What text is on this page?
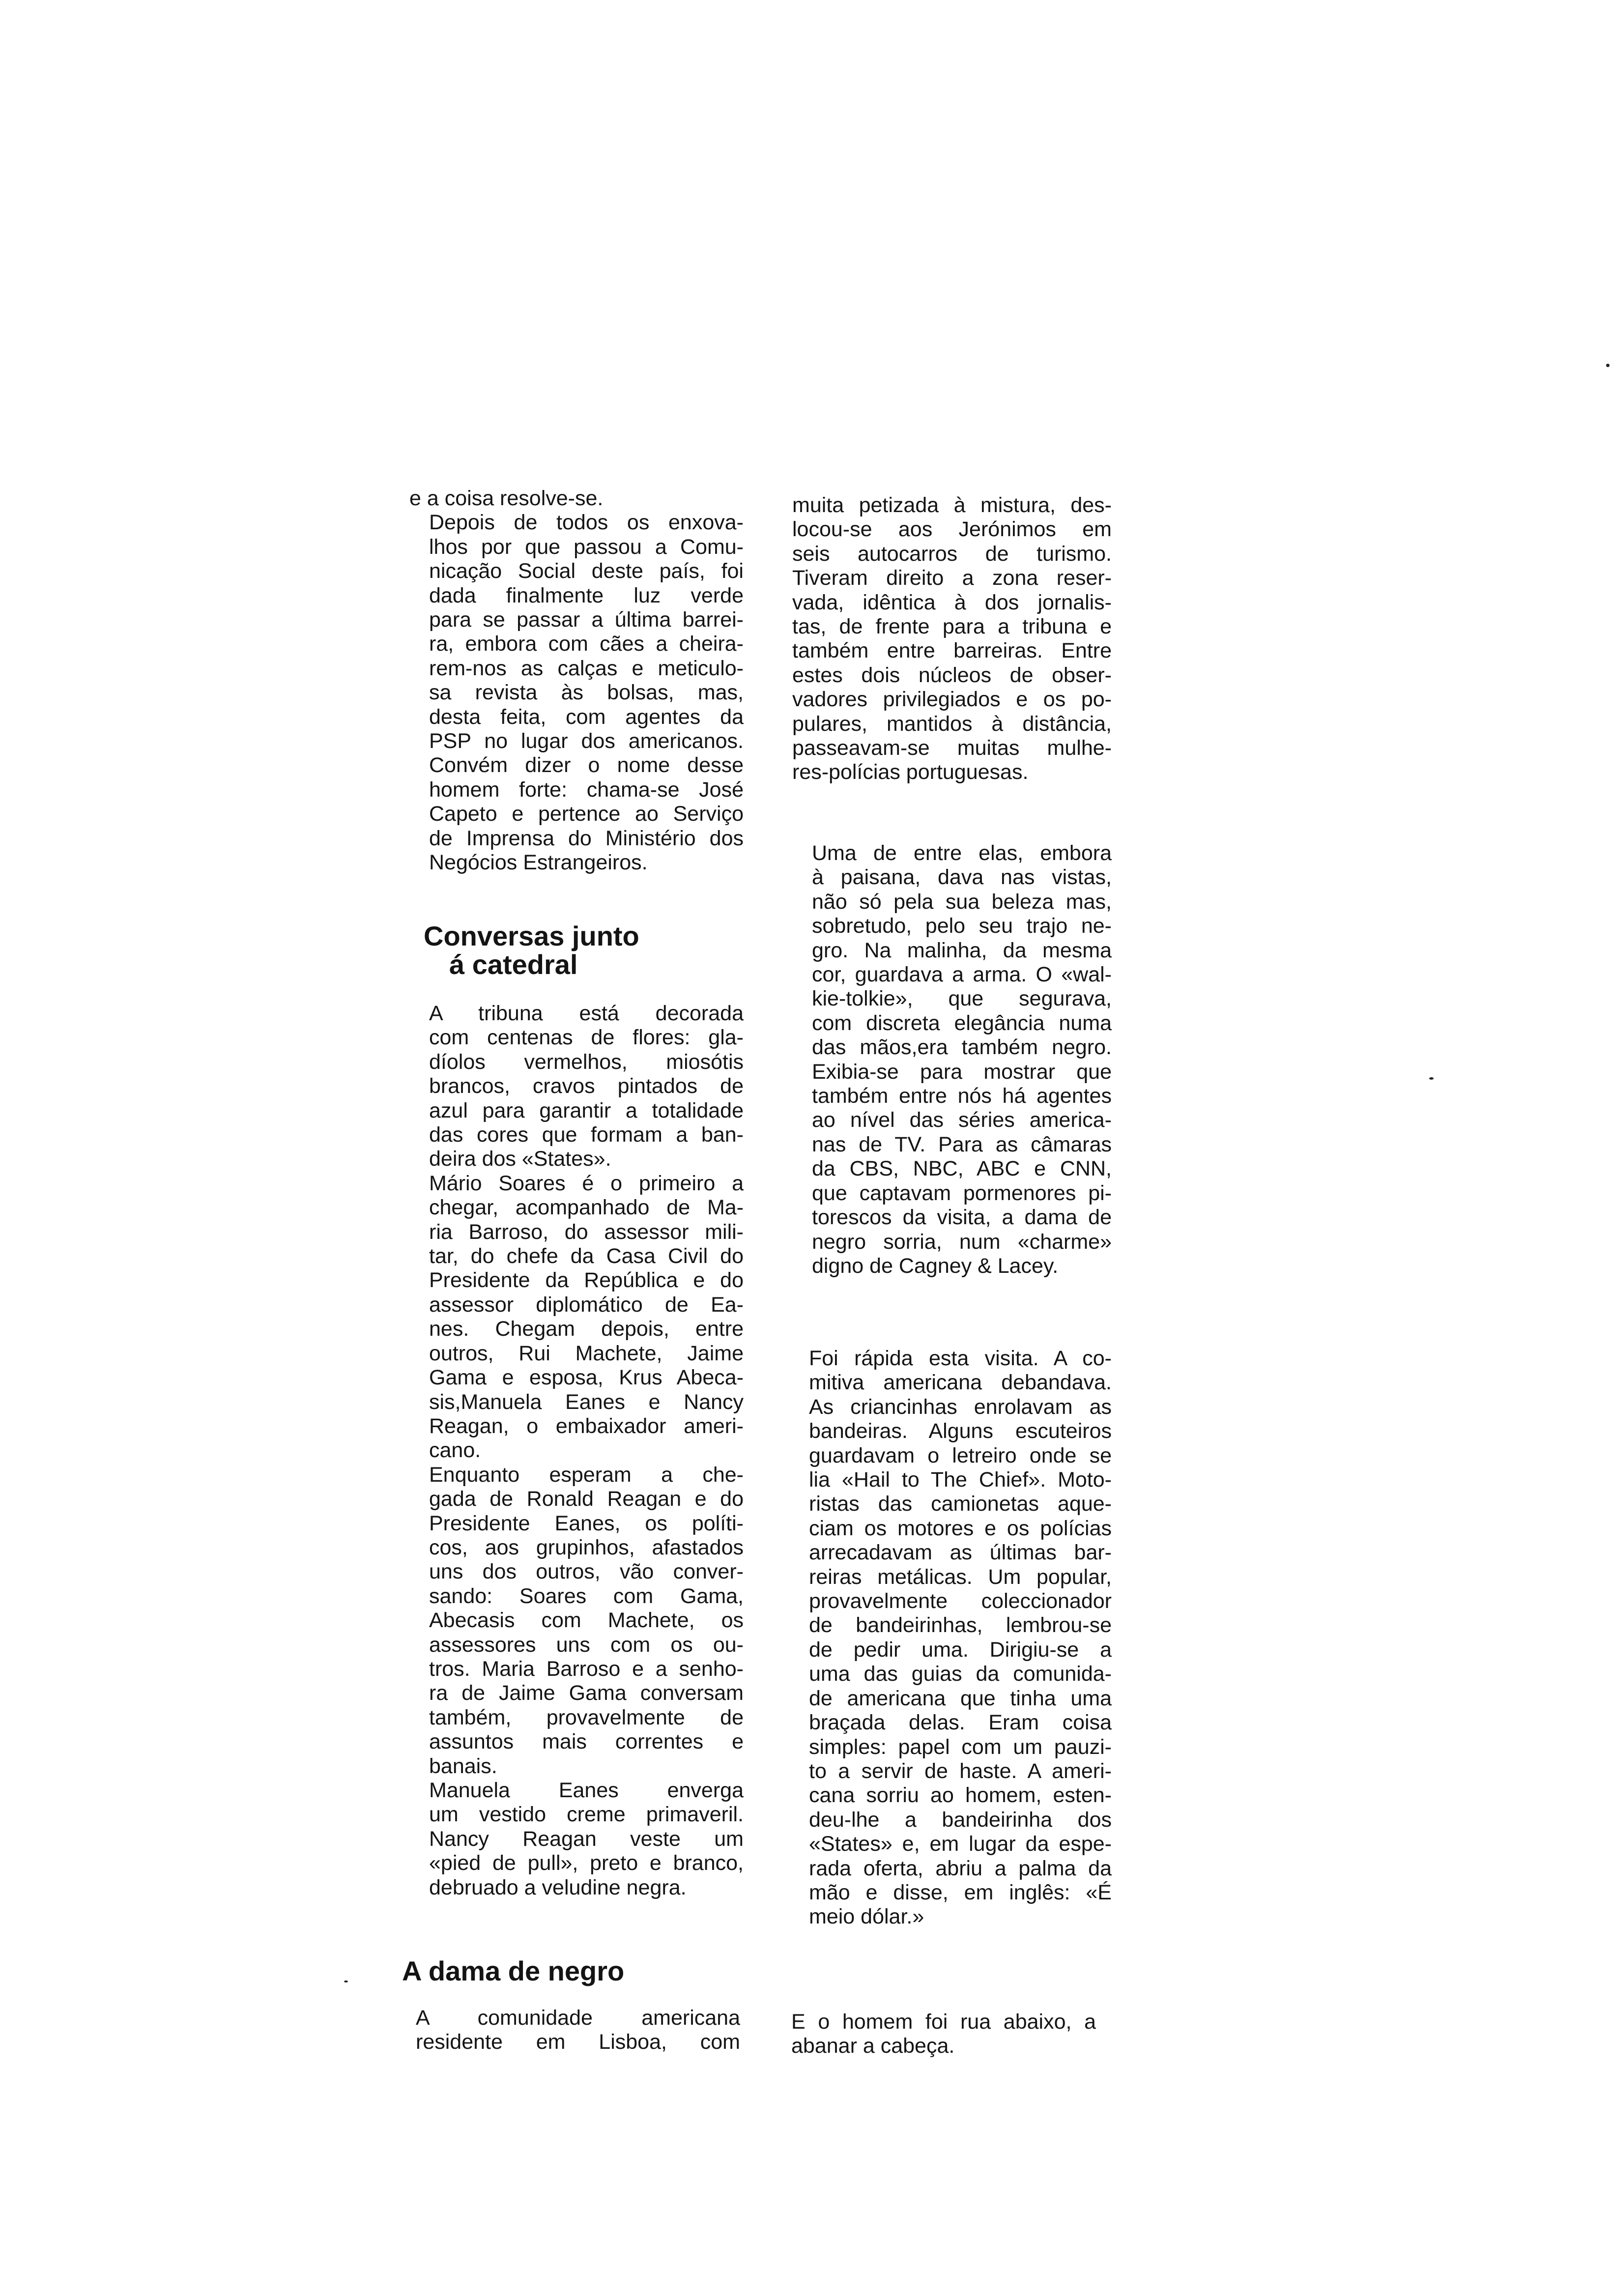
e a coisa resolve-se.

Depois de todos os enxova-
lhos por que passou a Comu-
nicação Social deste país, foi
dada finalmente luz verde
para se passar a última barrei-
ra, embora com cães a cheira-
rem-nos as calças e meticulo-
sa revista às bolsas, mas,
desta feita, com agentes da
PSP no lugar dos americanos.
Convém dizer o nome desse
homem forte: chama-se José
Capeto e pertence ao Serviço
de Imprensa do Ministério dos
Negócios Estrangeiros.

Conversas junto
á catedral

A tribuna está decorada
com centenas de flores: gla-
díolos vermelhos, miosótis
brancos, cravos pintados de
azul para garantir a totalidade
das cores que formam a ban-
deira dos «States».

Mário Soares é o primeiro a
chegar, acompanhado de Ma-
ria Barroso, do assessor mili-
tar, do chefe da Casa Civil do
Presidente da República e do
assessor diplomático de Ea-
nes. Chegam depois, entre
outros, Rui Machete, Jaime
Gama e esposa, Krus Abeca-
sis,Manuela Eanes e Nancy
Reagan, o embaixador ameri-
cano.

Enquanto esperam a che-
gada de Ronald Reagan e do
Presidente Eanes, os políti-
cos, aos grupinhos, afastados
uns dos outros, vão conver-
sando: Soares com Gama,
Abecasis com Machete, os
assessores uns com os ou-
tros. Maria Barroso e a senho-
ra de Jaime Gama conversam
também, provavelmente de
assuntos mais correntes e
banais.

Manuela Eanes enverga
um vestido creme primaveril.
Nancy Reagan veste um
«pied de pull», preto e branco,
debruado a veludine negra.

A dama de negro

A comunidade americana
residente em Lisboa, com

muita petizada à mistura, des-
locou-se aos Jerónimos em
seis autocarros de turismo.
Tiveram direito a zona reser-
vada, idêntica à dos jornalis-
tas, de frente para a tribuna e
também entre barreiras. Entre
estes dois núcleos de obser-
vadores privilegiados e os po-
pulares, mantidos à distância,
passeavam-se muitas mulhe-
res-polícias portuguesas.

Uma de entre elas, embora
à paisana, dava nas vistas,
não só pela sua beleza mas,
sobretudo, pelo seu trajo ne-
gro. Na malinha, da mesma
cor, guardava a arma. O «wal-
kie-tolkie», que segurava,
com discreta elegância numa
das mãos,era também negro.
Exibia-se para mostrar que
também entre nós há agentes
ao nível das séries america-
nas de TV. Para as câmaras
da CBS, NBC, ABC e CNN,
que captavam pormenores pi-
torescos da visita, a dama de
negro sorria, num «charme»
digno de Cagney & Lacey.

Foi rápida esta visita. A co-
mitiva americana debandava.
As criancinhas enrolavam as
bandeiras. Alguns escuteiros
guardavam o letreiro onde se
lia «Hail to The Chief». Moto-
ristas das camionetas aque-
ciam os motores e os polícias
arrecadavam as últimas bar-
reiras metálicas. Um popular,
provavelmente coleccionador
de bandeirinhas, lembrou-se
de pedir uma. Dirigiu-se a
uma das guias da comunida-
de americana que tinha uma
braçada delas. Eram coisa
simples: papel com um pauzi-
to a servir de haste. A ameri-
cana sorriu ao homem, esten-
deu-lhe a bandeirinha dos
«States» e, em lugar da espe-
rada oferta, abriu a palma da
mão e disse, em inglês: «É
meio dólar.»

E o homem foi rua abaixo, a
abanar a cabeça.
